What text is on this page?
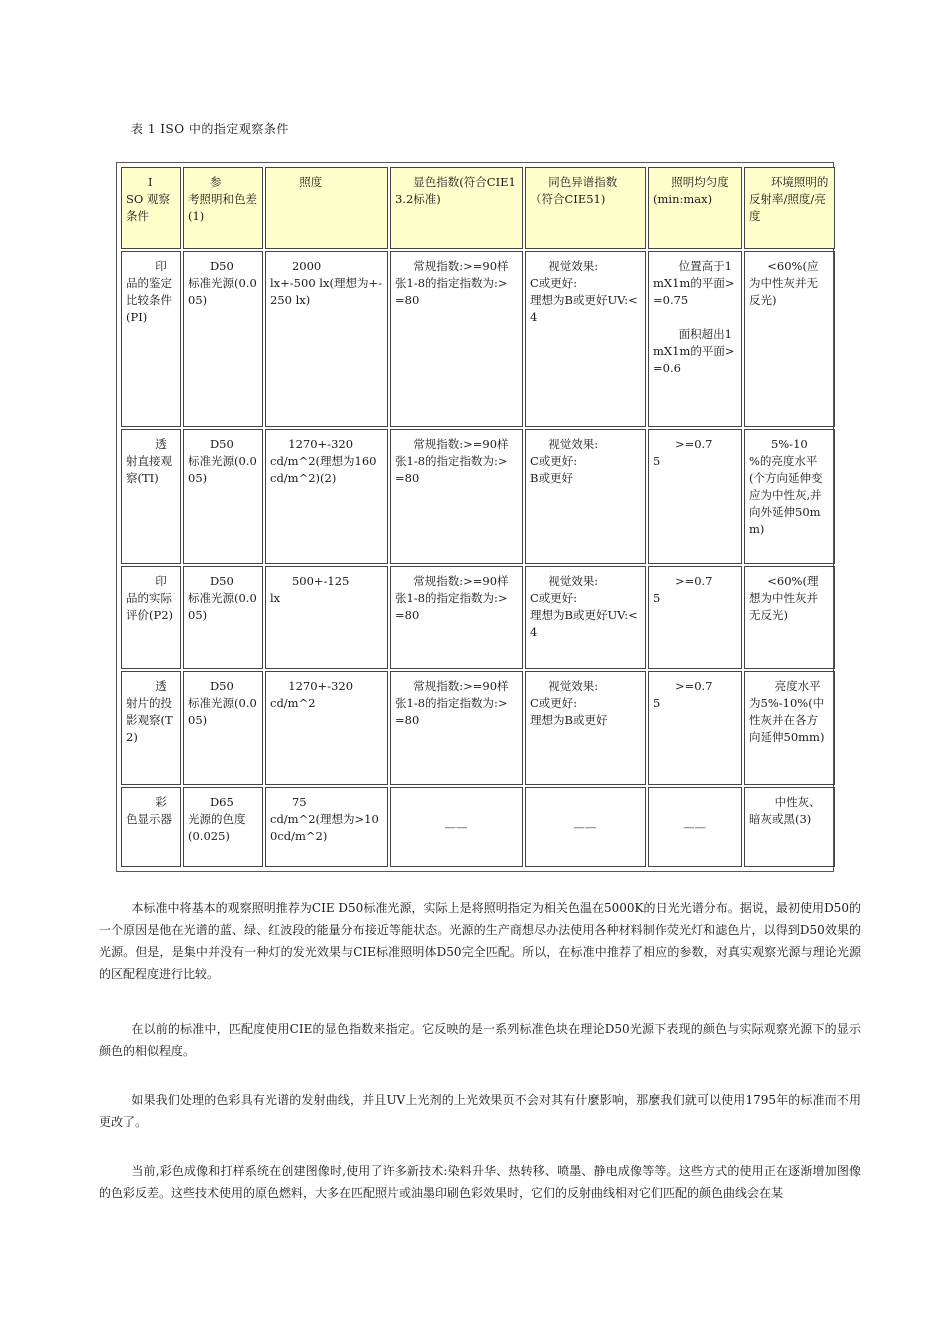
表 1 ISO 中的指定观察条件
I
SO 观察条件	参
考照明和色差(1)	照度	显色指数(符合CIE13.2标准)	同色异谱指数（符合CIE51)	照明均匀度(min:max)	环境照明的反射率/照度/亮度

印
品的鉴定比较条件(PI)	D50
标准光源(0.005)	2000
lx+-500 lx(理想为+-250 lx)	常规指数:>=90样张1-8的指定指数为:>=80	视觉效果:
C或更好:
理想为B或更好UV:<4	位置高于1mX1m的平面>=0.75

面积超出1mX1m的平面>=0.6	<60%(应为中性灰并无反光)

透
射直接观察(TI)	D50
标准光源(0.005)	1270+-320
cd/m^2(理想为160cd/m^2)(2)	常规指数:>=90样张1-8的指定指数为:>=80	视觉效果:
C或更好:
B或更好	>=0.7
5	5%-10
%的亮度水平(个方向延伸变应为中性灰,并向外延伸50mm)

印
品的实际评价(P2)	D50
标准光源(0.005)	500+-125
lx	常规指数:>=90样张1-8的指定指数为:>=80	视觉效果:
C或更好:
理想为B或更好UV:<4	>=0.7
5	<60%(理想为中性灰并无反光)

透
射片的投影观察(T2)	D50
标准光源(0.005)	1270+-320
cd/m^2	常规指数:>=90样张1-8的指定指数为:>=80	视觉效果:
C或更好:
理想为B或更好	>=0.7
5	亮度水平为5%-10%(中性灰并在各方向延伸50mm)

彩
色显示器	D65
光源的色度(0.025)	75
cd/m^2(理想为>100cd/m^2)	——	——	——	中性灰、暗灰或黑(3)

本标准中将基本的观察照明推荐为CIE D50标准光源，实际上是将照明指定为相关色温在5000K的日光光谱分布。据说，最初使用D50的一个原因是他在光谱的蓝、绿、红波段的能量分布接近等能状态。光源的生产商想尽办法使用各种材料制作荧光灯和滤色片，以得到D50效果的光源。但是，是集中并没有一种灯的发光效果与CIE标准照明体D50完全匹配。所以，在标准中推荐了相应的参数，对真实观察光源与理论光源的区配程度进行比较。

在以前的标准中，匹配度使用CIE的显色指数来指定。它反映的是一系列标准色块在理论D50光源下表现的颜色与实际观察光源下的显示颜色的相似程度。

如果我们处理的色彩具有光谱的发射曲线，并且UV上光剂的上光效果页不会对其有什麼影响，那麼我们就可以使用1795年的标准而不用更改了。

当前,彩色成像和打样系统在创建图像时,使用了许多新技术:染料升华、热转移、喷墨、静电成像等等。这些方式的使用正在逐渐增加图像的色彩反差。这些技术使用的原色燃料，大多在匹配照片或油墨印刷色彩效果时，它们的反射曲线相对它们匹配的颜色曲线会在某
